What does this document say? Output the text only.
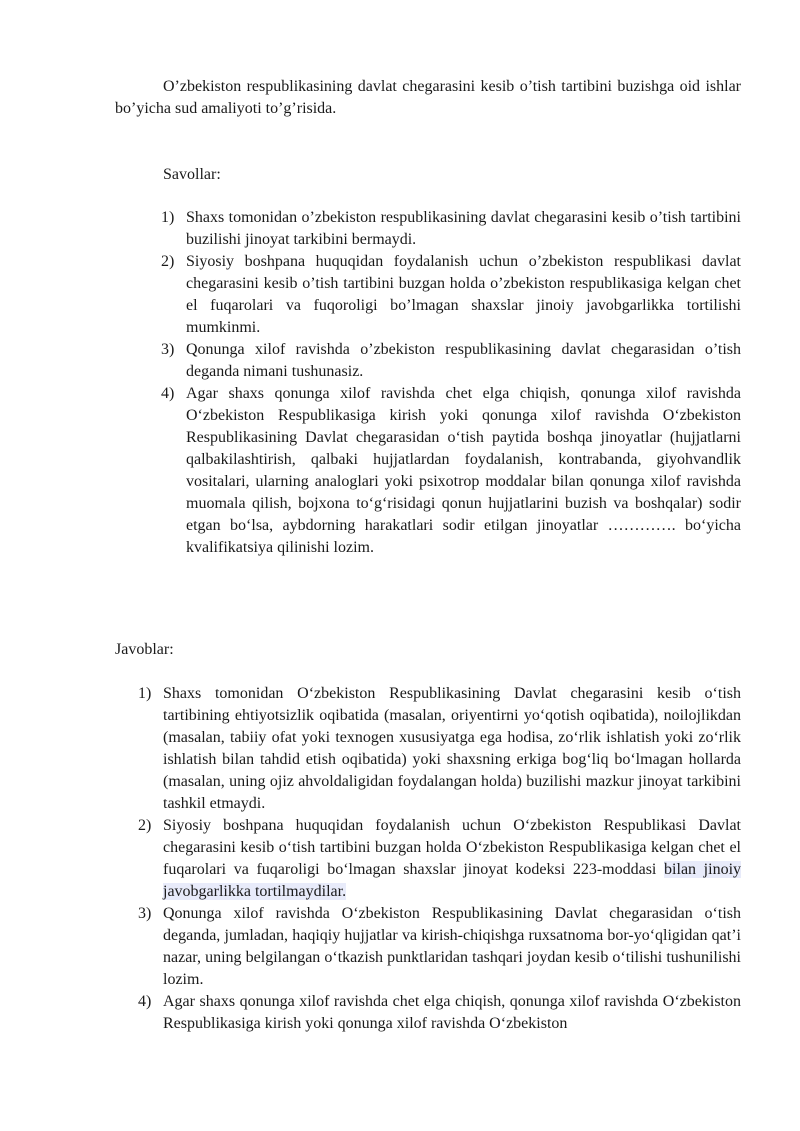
O’zbekiston respublikasining davlat chegarasini kesib o’tish tartibini buzishga oid ishlar bo’yicha sud amaliyoti to’g’risida.

Savollar:

1) Shaxs tomonidan o’zbekiston respublikasining davlat chegarasini kesib o’tish tartibini buzilishi jinoyat tarkibini bermaydi.
2) Siyosiy boshpana huquqidan foydalanish uchun o’zbekiston respublikasi davlat chegarasini kesib o’tish tartibini buzgan holda o’zbekiston respublikasiga kelgan chet el fuqarolari va fuqoroligi bo’lmagan shaxslar jinoiy javobgarlikka tortilishi mumkinmi.
3) Qonunga xilof ravishda o’zbekiston respublikasining davlat chegarasidan o’tish deganda nimani tushunasiz.
4) Agar shaxs qonunga xilof ravishda chet elga chiqish, qonunga xilof ravishda O‘zbekiston Respublikasiga kirish yoki qonunga xilof ravishda O‘zbekiston Respublikasining Davlat chegarasidan o‘tish paytida boshqa jinoyatlar (hujjatlarni qalbakilashtirish, qalbaki hujjatlardan foydalanish, kontrabanda, giyohvandlik vositalari, ularning analoglari yoki psixotrop moddalar bilan qonunga xilof ravishda muomala qilish, bojxona to‘g‘risidagi qonun hujjatlarini buzish va boshqalar) sodir etgan bo‘lsa, aybdorning harakatlari sodir etilgan jinoyatlar …………. bo‘yicha kvalifikatsiya qilinishi lozim.

Javoblar:

1) Shaxs tomonidan O‘zbekiston Respublikasining Davlat chegarasini kesib o‘tish tartibining ehtiyotsizlik oqibatida (masalan, oriyentirni yo‘qotish oqibatida), noilojlikdan (masalan, tabiiy ofat yoki texnogen xususiyatga ega hodisa, zo‘rlik ishlatish yoki zo‘rlik ishlatish bilan tahdid etish oqibatida) yoki shaxsning erkiga bog‘liq bo‘lmagan hollarda (masalan, uning ojiz ahvoldaligidan foydalangan holda) buzilishi mazkur jinoyat tarkibini tashkil etmaydi.
2) Siyosiy boshpana huquqidan foydalanish uchun O‘zbekiston Respublikasi Davlat chegarasini kesib o‘tish tartibini buzgan holda O‘zbekiston Respublikasiga kelgan chet el fuqarolari va fuqaroligi bo‘lmagan shaxslar jinoyat kodeksi 223-moddasi bilan jinoiy javobgarlikka tortilmaydilar.
3) Qonunga xilof ravishda O‘zbekiston Respublikasining Davlat chegarasidan o‘tish deganda, jumladan, haqiqiy hujjatlar va kirish-chiqishga ruxsatnoma bor-yo‘qligidan qat’i nazar, uning belgilangan o‘tkazish punktlaridan tashqari joydan kesib o‘tilishi tushunilishi lozim.
4) Agar shaxs qonunga xilof ravishda chet elga chiqish, qonunga xilof ravishda O‘zbekiston Respublikasiga kirish yoki qonunga xilof ravishda O‘zbekiston
